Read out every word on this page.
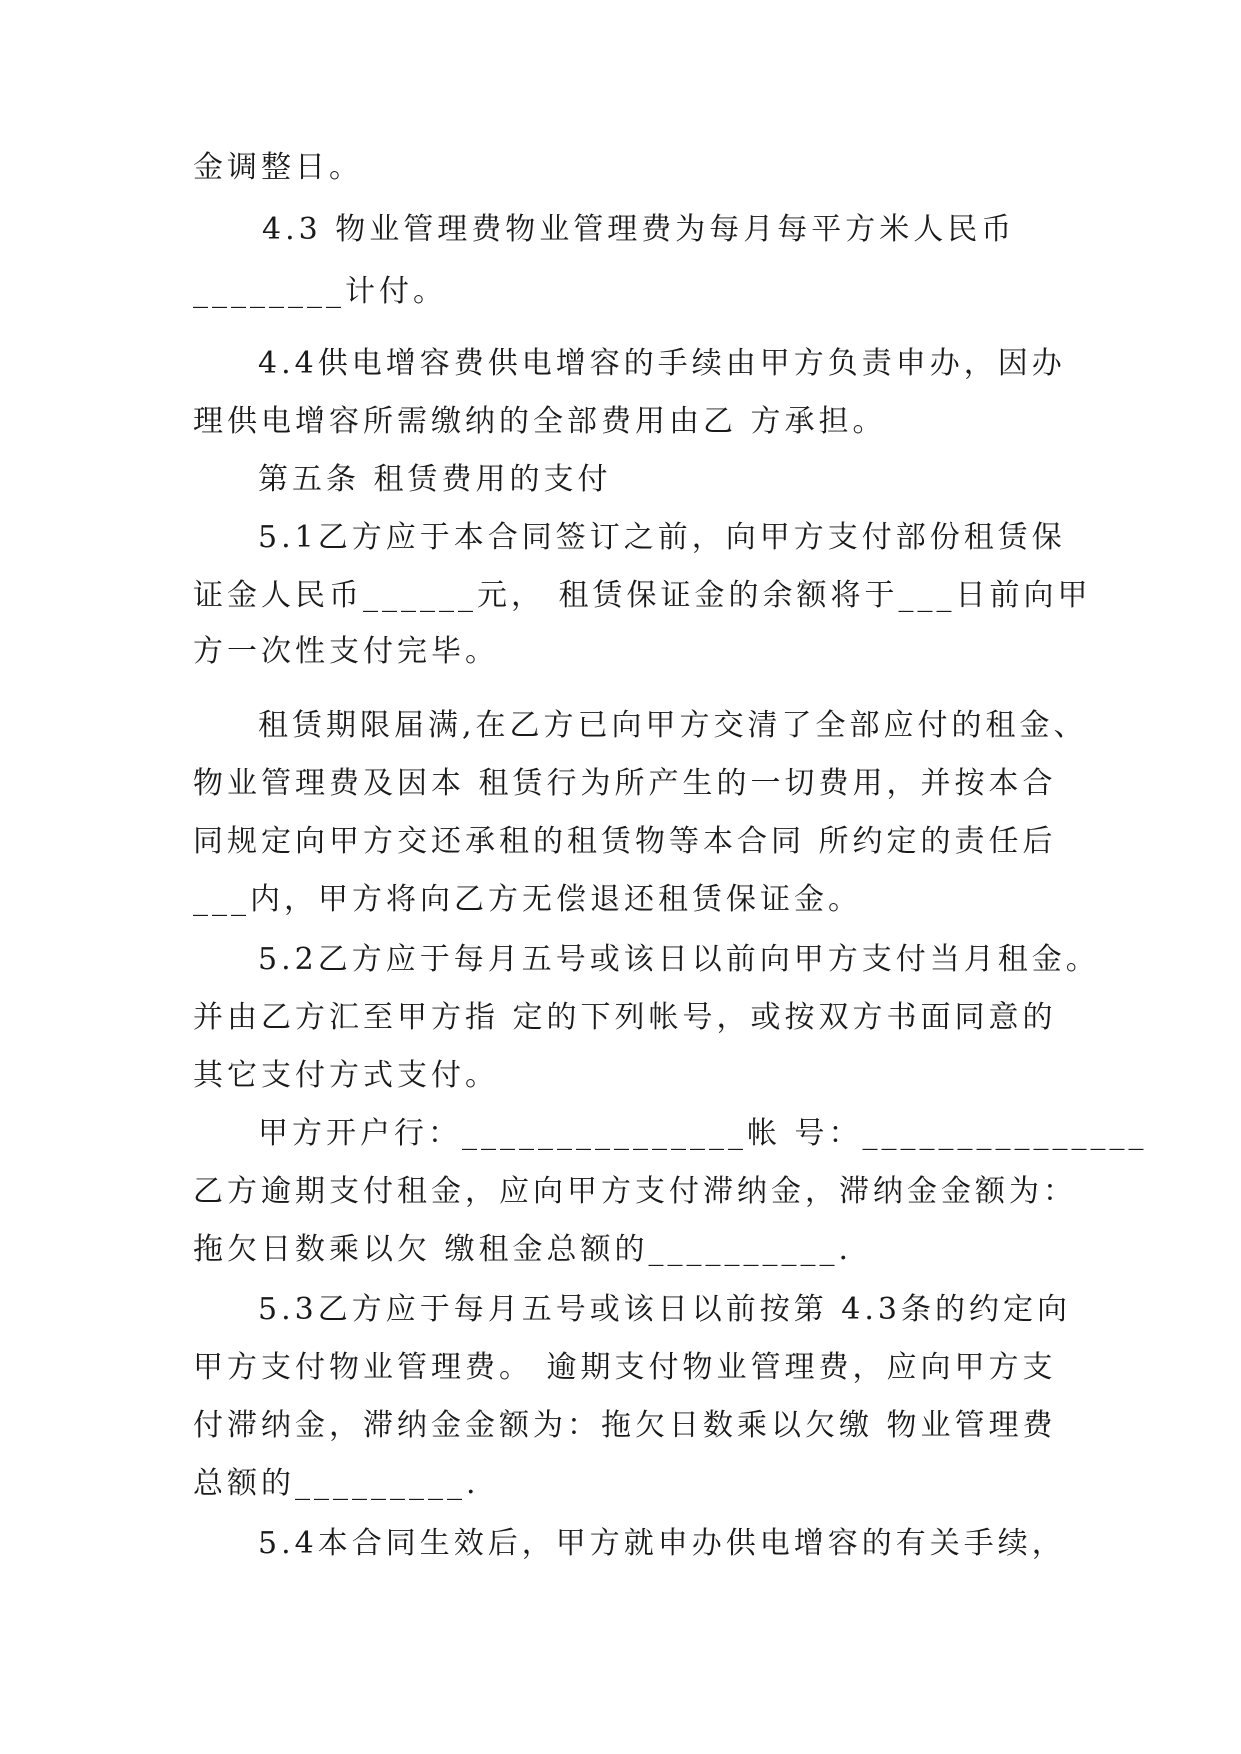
金调整日。
4.3 物业管理费物业管理费为每月每平方米人民币
________计付。
4.4供电增容费供电增容的手续由甲方负责申办，因办
理供电增容所需缴纳的全部费用由乙 方承担。
第五条 租赁费用的支付
5.1乙方应于本合同签订之前，向甲方支付部份租赁保
证金人民币______元， 租赁保证金的余额将于___日前向甲
方一次性支付完毕。
租赁期限届满,在乙方已向甲方交清了全部应付的租金、
物业管理费及因本 租赁行为所产生的一切费用，并按本合
同规定向甲方交还承租的租赁物等本合同 所约定的责任后
___内，甲方将向乙方无偿退还租赁保证金。
5.2乙方应于每月五号或该日以前向甲方支付当月租金。
并由乙方汇至甲方指 定的下列帐号，或按双方书面同意的
其它支付方式支付。
甲方开户行：_______________帐 号：_______________
乙方逾期支付租金，应向甲方支付滞纳金，滞纳金金额为：
拖欠日数乘以欠 缴租金总额的__________.
5.3乙方应于每月五号或该日以前按第 4.3条的约定向
甲方支付物业管理费。 逾期支付物业管理费，应向甲方支
付滞纳金，滞纳金金额为：拖欠日数乘以欠缴 物业管理费
总额的_________.
5.4本合同生效后，甲方就申办供电增容的有关手续，
